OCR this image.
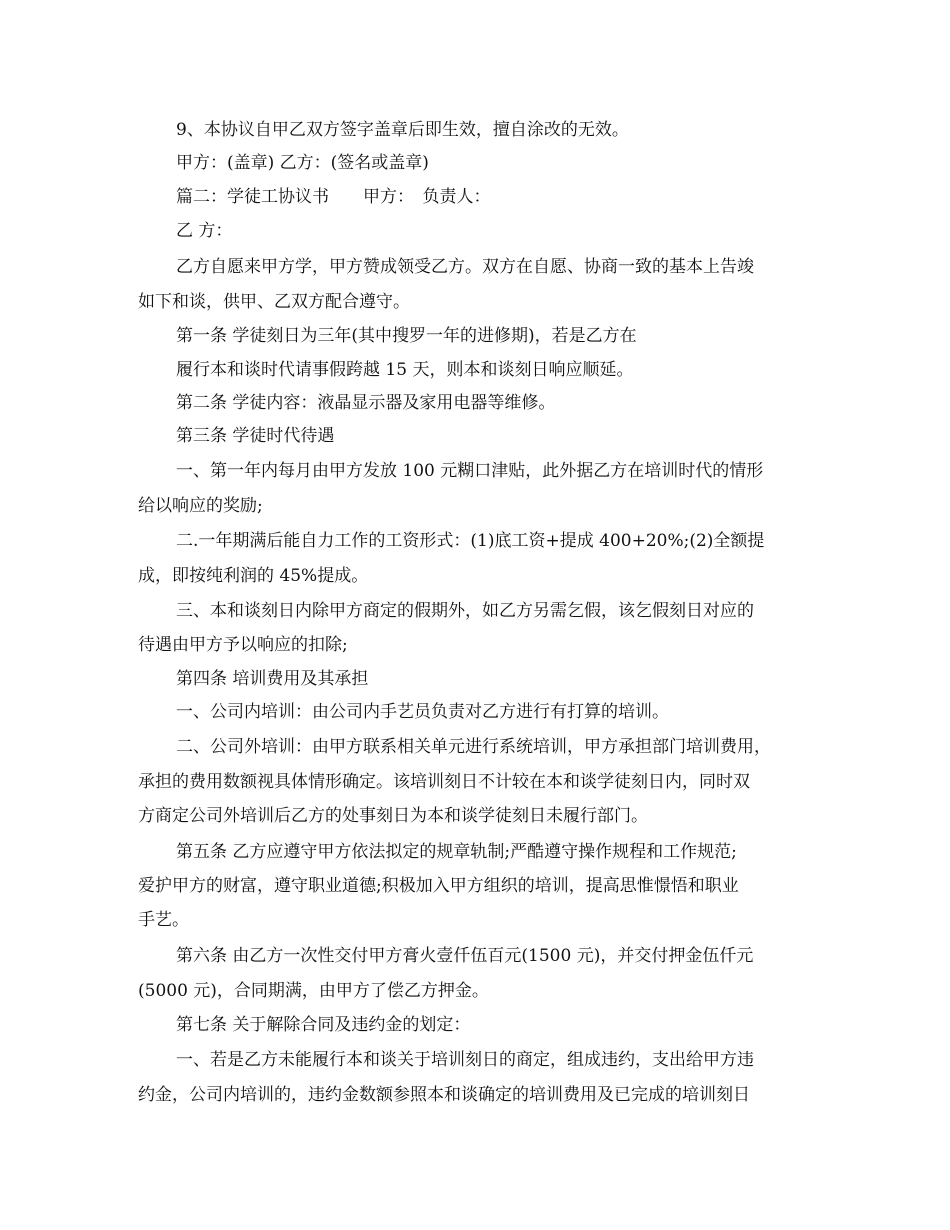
9、本协议自甲乙双方签字盖章后即生效，擅自涂改的无效。
甲方：(盖章) 乙方：(签名或盖章)
篇二：学徒工协议书　　甲方：　负责人：
乙 方：
乙方自愿来甲方学，甲方赞成领受乙方。双方在自愿、协商一致的基本上告竣
如下和谈，供甲、乙双方配合遵守。
第一条 学徒刻日为三年(其中搜罗一年的进修期)，若是乙方在
履行本和谈时代请事假跨越 15 天，则本和谈刻日响应顺延。
第二条 学徒内容：液晶显示器及家用电器等维修。
第三条 学徒时代待遇
一、第一年内每月由甲方发放 100 元糊口津贴，此外据乙方在培训时代的情形
给以响应的奖励;
二.一年期满后能自力工作的工资形式：(1)底工资+提成 400+20%;(2)全额提
成，即按纯利润的 45%提成。
三、本和谈刻日内除甲方商定的假期外，如乙方另需乞假，该乞假刻日对应的
待遇由甲方予以响应的扣除;
第四条 培训费用及其承担
一、公司内培训：由公司内手艺员负责对乙方进行有打算的培训。
二、公司外培训：由甲方联系相关单元进行系统培训，甲方承担部门培训费用，
承担的费用数额视具体情形确定。该培训刻日不计较在本和谈学徒刻日内，同时双
方商定公司外培训后乙方的处事刻日为本和谈学徒刻日未履行部门。
第五条 乙方应遵守甲方依法拟定的规章轨制;严酷遵守操作规程和工作规范;
爱护甲方的财富，遵守职业道德;积极加入甲方组织的培训，提高思惟憬悟和职业
手艺。
第六条 由乙方一次性交付甲方膏火壹仟伍百元(1500 元)，并交付押金伍仟元
(5000 元)，合同期满，由甲方了偿乙方押金。
第七条 关于解除合同及违约金的划定：
一、若是乙方未能履行本和谈关于培训刻日的商定，组成违约，支出给甲方违
约金，公司内培训的，违约金数额参照本和谈确定的培训费用及已完成的培训刻日
